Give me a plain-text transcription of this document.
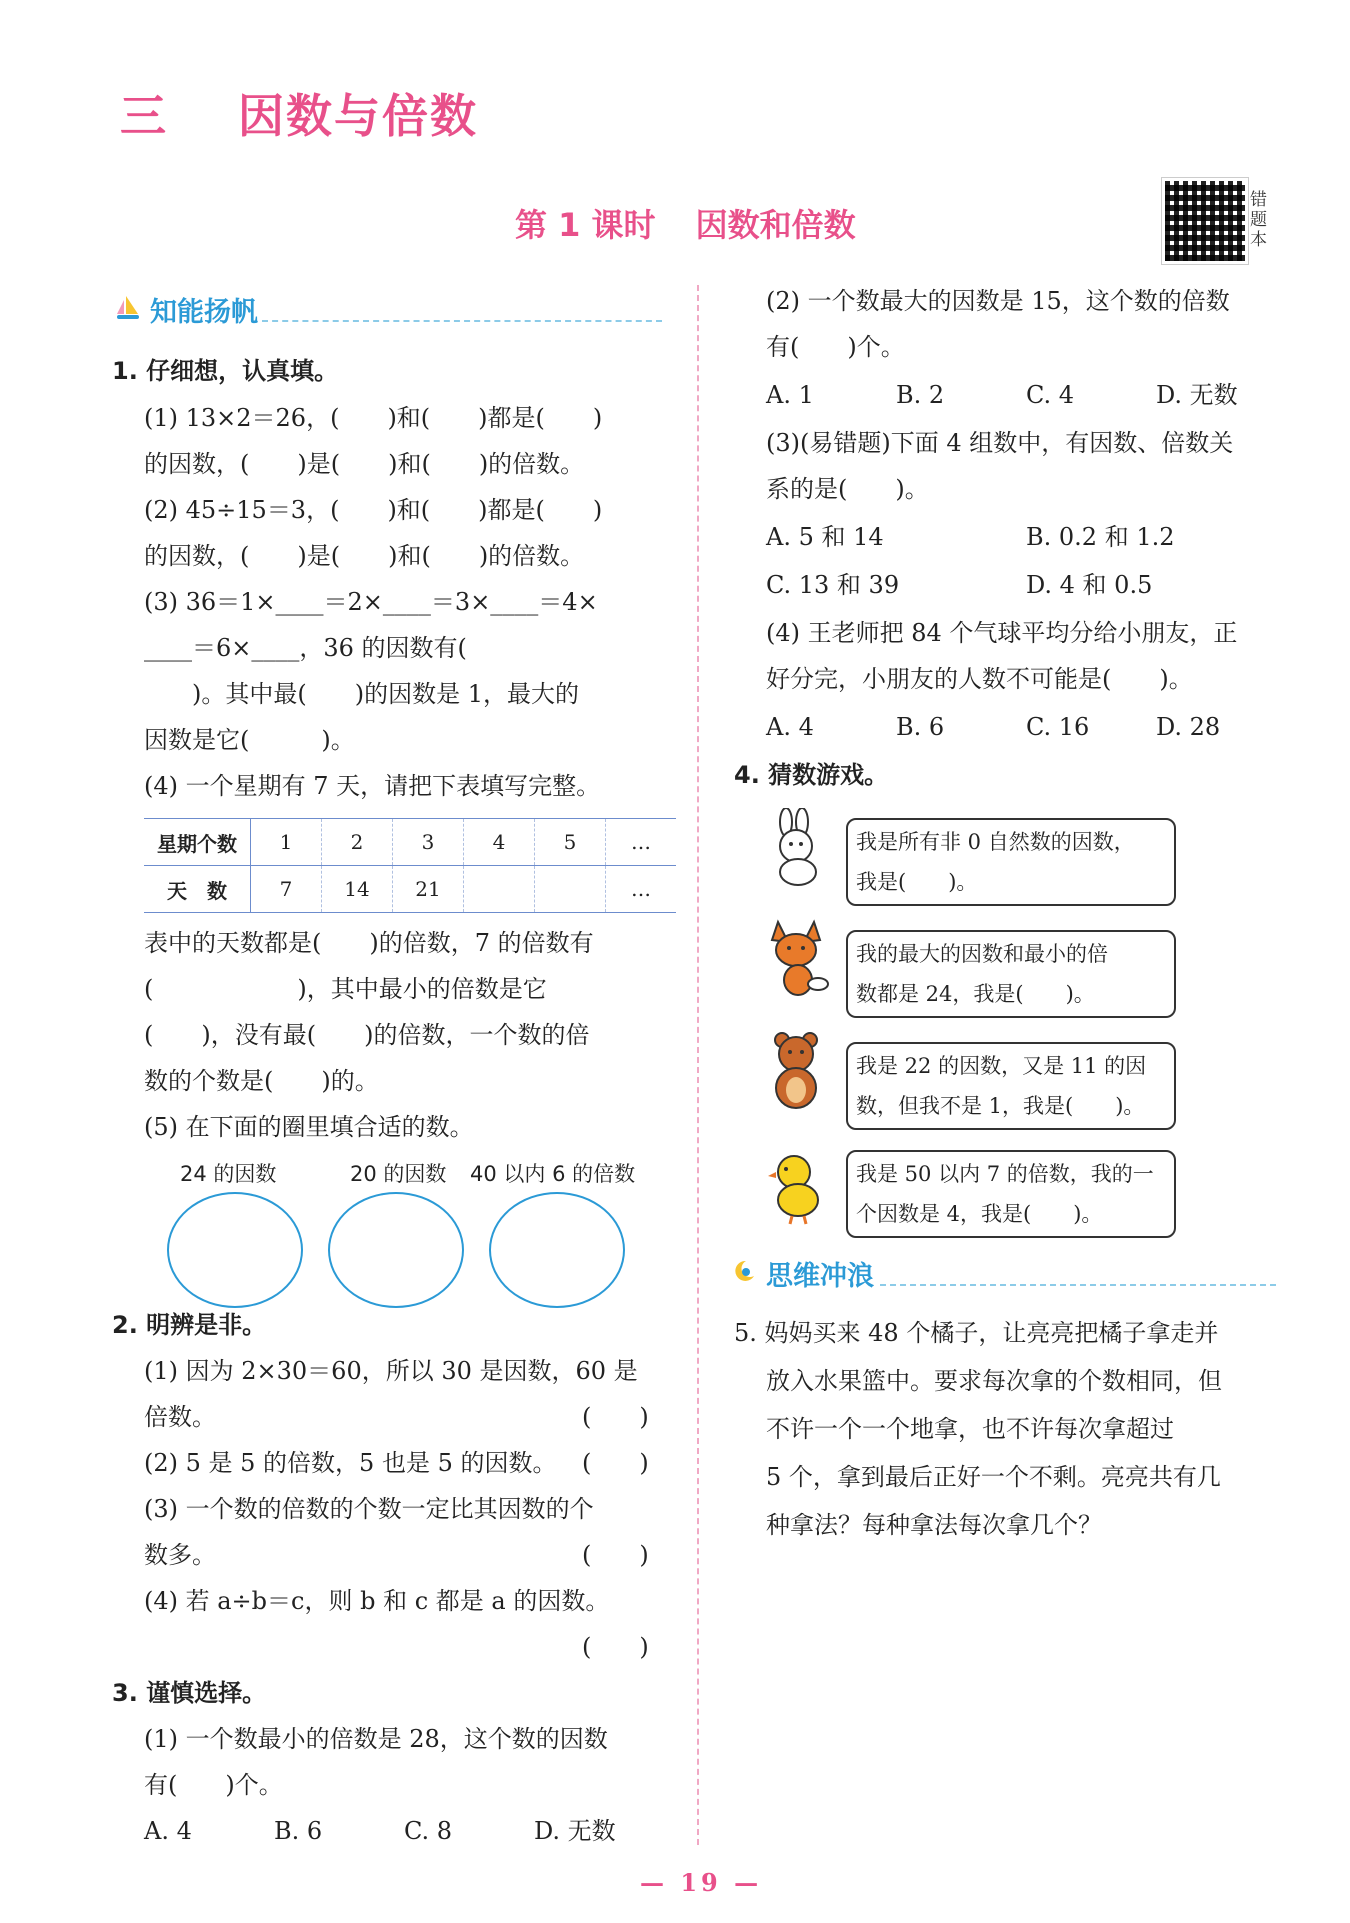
三 因数与倍数
第 1 课时 因数和倍数
错题本
知能扬帆
1. 仔细想，认真填。
(1) 13×2＝26，(　　)和(　　)都是(　　)
的因数，(　　)是(　　)和(　　)的倍数。
(2) 45÷15＝3，(　　)和(　　)都是(　　)
的因数，(　　)是(　　)和(　　)的倍数。
(3) 36＝1×____＝2×____＝3×____＝4×
____＝6×____，36 的因数有(
　　)。其中最(　　)的因数是 1，最大的
因数是它(　　　)。
(4) 一个星期有 7 天，请把下表填写完整。
星期个数	1	2	3	4	5	…
天　数	7	14	21			…
表中的天数都是(　　)的倍数，7 的倍数有
(　　　　　　)，其中最小的倍数是它
(　　)，没有最(　　)的倍数，一个数的倍
数的个数是(　　)的。
(5) 在下面的圈里填合适的数。
24 的因数	20 的因数 40 以内 6 的倍数
2. 明辨是非。
(1) 因为 2×30＝60，所以 30 是因数，60 是
倍数。	(　　)
(2) 5 是 5 的倍数，5 也是 5 的因数。 (　　)
(3) 一个数的倍数的个数一定比其因数的个
数多。	(　　)
(4) 若 a÷b＝c，则 b 和 c 都是 a 的因数。
(　　)
3. 谨慎选择。
(1) 一个数最小的倍数是 28，这个数的因数
有(　　)个。
A. 4	B. 6	C. 8	D. 无数
(2) 一个数最大的因数是 15，这个数的倍数
有(　　)个。
A. 1	B. 2	C. 4	D. 无数
(3)(易错题)下面 4 组数中，有因数、倍数关
系的是(　　)。
A. 5 和 14	B. 0.2 和 1.2
C. 13 和 39	D. 4 和 0.5
(4) 王老师把 84 个气球平均分给小朋友，正
好分完，小朋友的人数不可能是(　　)。
A. 4	B. 6	C. 16	D. 28
4. 猜数游戏。
我是所有非 0 自然数的因数，
我是(　　)。
我的最大的因数和最小的倍
数都是 24，我是(　　)。
我是 22 的因数，又是 11 的因
数，但我不是 1，我是(　　)。
我是 50 以内 7 的倍数，我的一
个因数是 4，我是(　　)。
思维冲浪
5. 妈妈买来 48 个橘子，让亮亮把橘子拿走并
放入水果篮中。要求每次拿的个数相同，但
不许一个一个地拿，也不许每次拿超过
5 个，拿到最后正好一个不剩。亮亮共有几
种拿法？每种拿法每次拿几个？
— 19 —
